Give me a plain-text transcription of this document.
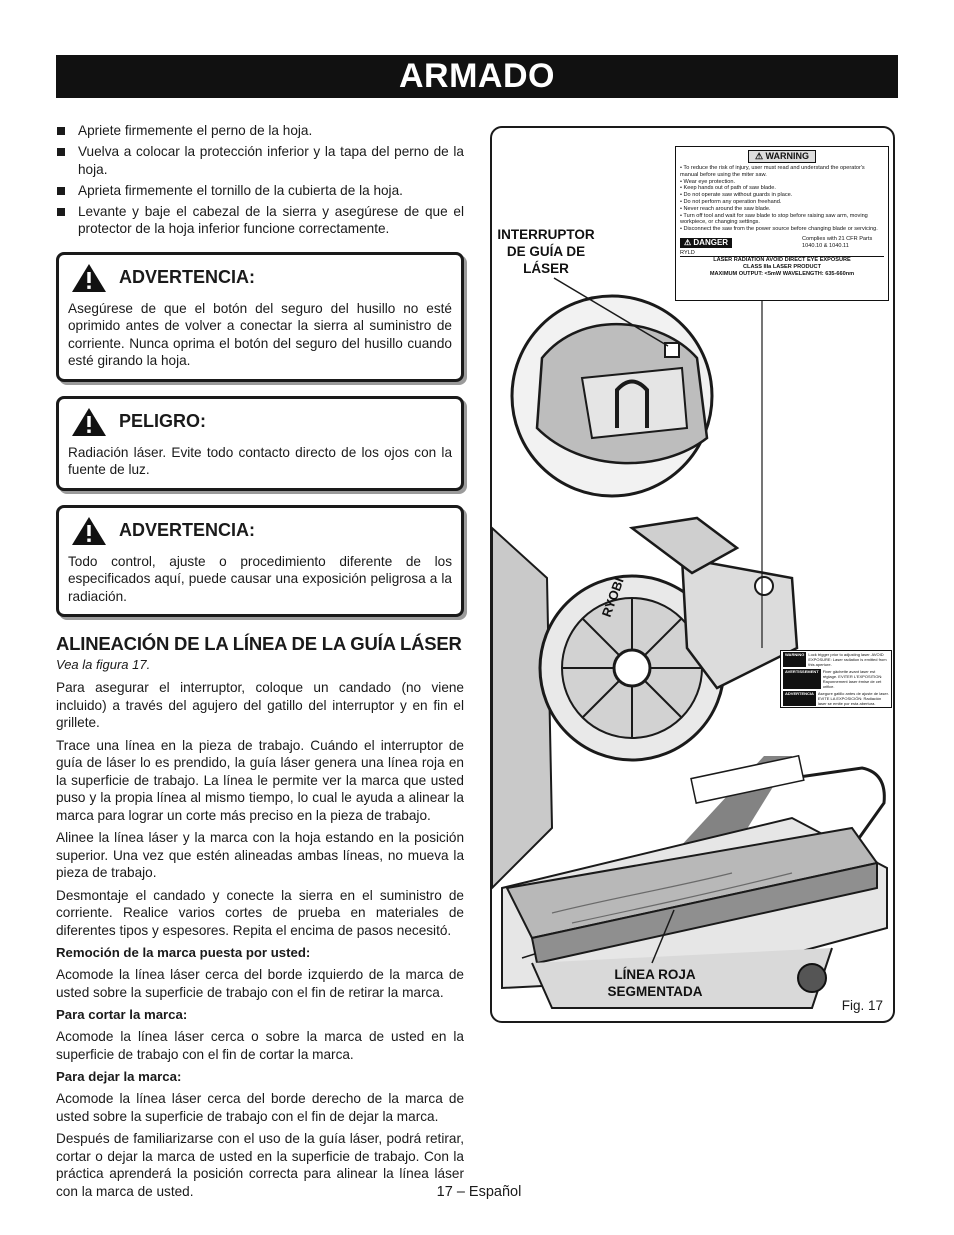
ARMADO
Apriete firmemente el perno de la hoja.
Vuelva a colocar la protección inferior y la tapa del perno de la hoja.
Aprieta firmemente el tornillo de la cubierta de la hoja.
Levante y baje el cabezal de la sierra y asegúrese de que el protector de la hoja inferior funcione correctamente.
ADVERTENCIA:

Asegúrese de que el botón del seguro del husillo no esté oprimido antes de volver a conectar la sierra al suministro de corriente. Nunca oprima el botón del seguro del husillo cuando esté girando la hoja.

PELIGRO:

Radiación láser. Evite todo contacto directo de los ojos con la fuente de luz.

ADVERTENCIA:

Todo control, ajuste o procedimiento diferente de los especificados aquí, puede causar una exposición peligrosa a la radiación.

ALINEACIÓN DE LA LÍNEA DE LA GUÍA LÁSER
Vea la figura 17.

Para asegurar el interruptor, coloque un candado (no viene incluido) a través del agujero del gatillo del interruptor y en fin el grillete.

Trace una línea en la pieza de trabajo. Cuándo el interruptor de guía de láser lo es prendido, la guía láser genera una línea roja en la superficie de trabajo. La línea le permite ver la marca que usted puso y la propia línea al mismo tiempo, lo cual le ayuda a alinear la marca para lograr un corte más preciso en la pieza de trabajo.

Alinee la línea láser y la marca con la hoja estando en la posición superior. Una vez que estén alineadas ambas líneas, no mueva la pieza de trabajo.

Desmontaje el candado y conecte la sierra en el suministro de corriente. Realice varios cortes de prueba en materiales de diferentes tipos y espesores. Repita el encima de pasos necesitó.

Remoción de la marca puesta por usted:

Acomode la línea láser cerca del borde izquierdo de la marca de usted sobre la superficie de trabajo con el fin de retirar la marca.

Para cortar la marca:

Acomode la línea láser cerca o sobre la marca de usted en la superficie de trabajo con el fin de cortar la marca.

Para dejar la marca:

Acomode la línea láser cerca del borde derecho de la marca de usted sobre la superficie de trabajo con el fin de dejar la marca.

Después de familiarizarse con el uso de la guía láser, podrá retirar, cortar o dejar la marca de usted en la superficie de trabajo. Con la práctica aprenderá la posición correcta para alinear la línea láser con la marca de usted.

RYOBI
⚠ WARNING
• To reduce the risk of injury, user must read and understand the operator's manual before using the miter saw.
• Wear eye protection.
• Keep hands out of path of saw blade.
• Do not operate saw without guards in place.
• Do not perform any operation freehand.
• Never reach around the saw blade.
• Turn off tool and wait for saw blade to stop before raising saw arm, moving workpiece, or changing settings.
• Disconnect the saw from the power source before changing blade or servicing.
⚠ DANGER	Complies with 21 CFR Parts 1040.10 & 1040.11
RYLD
LASER RADIATION AVOID DIRECT EYE EXPOSURE
CLASS IIIa LASER PRODUCT
MAXIMUM OUTPUT: <5mW WAVELENGTH: 635-660nm
WARNING	Lock trigger prior to adjusting laser. AVOID EXPOSURE: Laser radiation is emitted from this aperture.
AVERTISSEMENT	Fixer gâchette avant laser est réglage. EVITER L'EXPOSITION: Rayonnement laser émise de cet orifice.
ADVERTENCIA	Asegure gatillo antes de ajuste de laser. EVITE LA EXPOSICIÓN: Radiación laser se emite por esta abertura.
INTERRUPTOR DE GUÍA DE LÁSER
LÍNEA ROJA SEGMENTADA
Fig. 17
17 – Español
